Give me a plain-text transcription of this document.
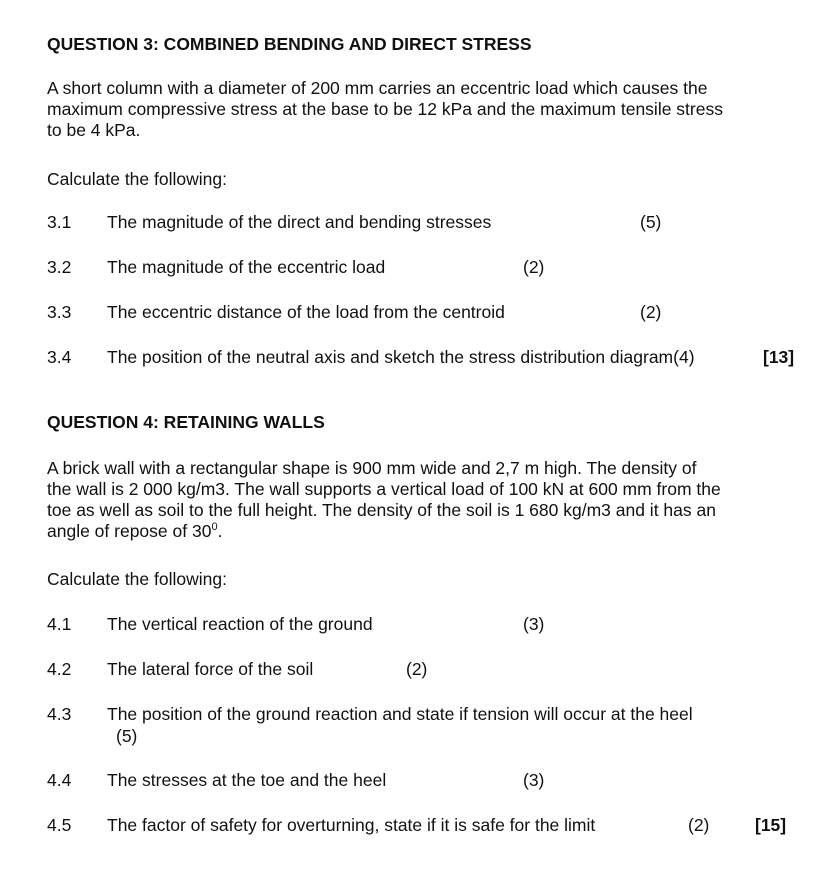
QUESTION 3: COMBINED BENDING AND DIRECT STRESS
A short column with a diameter of 200 mm carries an eccentric load which causes the
maximum compressive stress at the base to be 12 kPa and the maximum tensile stress
to be 4 kPa.
Calculate the following:
3.1 The magnitude of the direct and bending stresses	(5)
3.2 The magnitude of the eccentric load	(2)
3.3 The eccentric distance of the load from the centroid	(2)
3.4 The position of the neutral axis and sketch the stress distribution diagram(4)	[13]
QUESTION 4: RETAINING WALLS
A brick wall with a rectangular shape is 900 mm wide and 2,7 m high. The density of
the wall is 2 000 kg/m3. The wall supports a vertical load of 100 kN at 600 mm from the
toe as well as soil to the full height. The density of the soil is 1 680 kg/m3 and it has an
angle of repose of $30^0$.
Calculate the following:
4.1 The vertical reaction of the ground	(3)
4.2 The lateral force of the soil	(2)
4.3 The position of the ground reaction and state if tension will occur at the heel
(5)
4.4 The stresses at the toe and the heel	(3)
4.5 The factor of safety for overturning, state if it is safe for the limit	(2)	[15]
